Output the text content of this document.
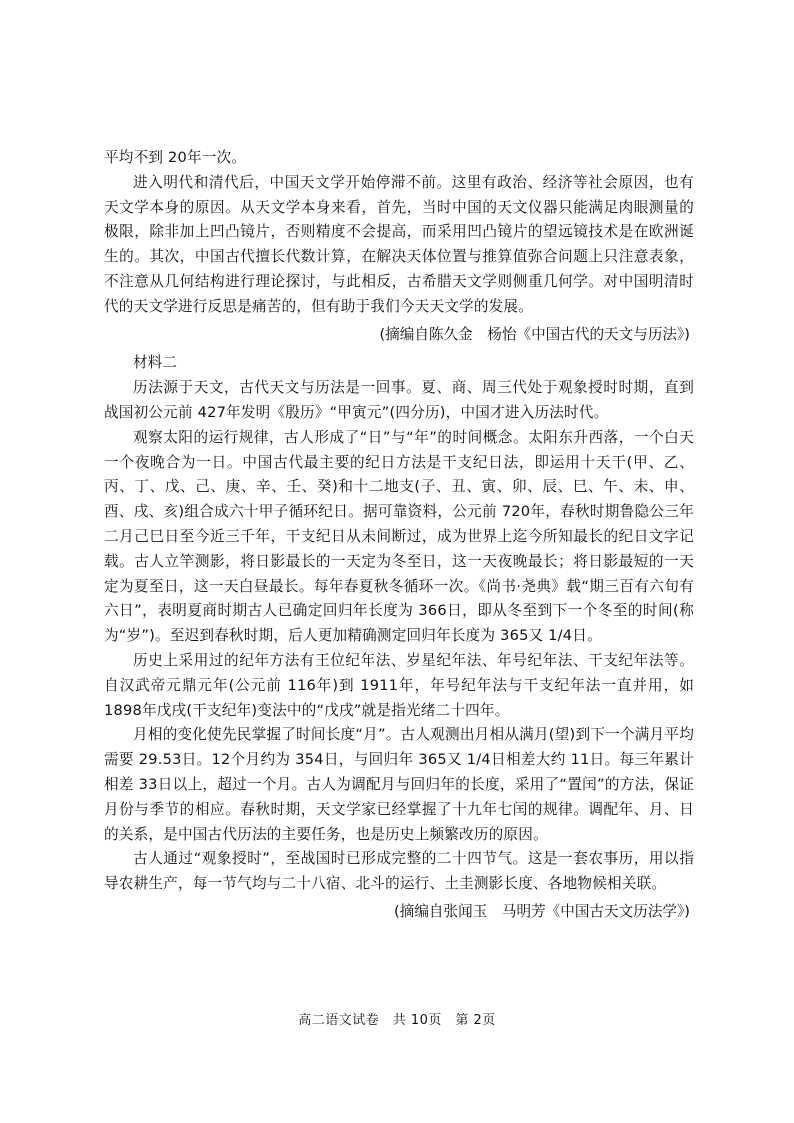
平均不到 20年一次。

进入明代和清代后，中国天文学开始停滞不前。这里有政治、经济等社会原因，也有天文学本身的原因。从天文学本身来看，首先，当时中国的天文仪器只能满足肉眼测量的极限，除非加上凹凸镜片，否则精度不会提高，而采用凹凸镜片的望远镜技术是在欧洲诞生的。其次，中国古代擅长代数计算，在解决天体位置与推算值弥合问题上只注意表象，不注意从几何结构进行理论探讨，与此相反，古希腊天文学则侧重几何学。对中国明清时代的天文学进行反思是痛苦的，但有助于我们今天天文学的发展。

(摘编自陈久金　杨怡《中国古代的天文与历法》)

材料二

历法源于天文，古代天文与历法是一回事。夏、商、周三代处于观象授时时期，直到战国初公元前 427年发明《殷历》“甲寅元”(四分历)，中国才进入历法时代。

观察太阳的运行规律，古人形成了“日”与“年”的时间概念。太阳东升西落，一个白天一个夜晚合为一日。中国古代最主要的纪日方法是干支纪日法，即运用十天干(甲、乙、丙、丁、戊、己、庚、辛、壬、癸)和十二地支(子、丑、寅、卯、辰、巳、午、未、申、酉、戌、亥)组合成六十甲子循环纪日。据可靠资料，公元前 720年，春秋时期鲁隐公三年二月己巳日至今近三千年，干支纪日从未间断过，成为世界上迄今所知最长的纪日文字记载。古人立竿测影，将日影最长的一天定为冬至日，这一天夜晚最长；将日影最短的一天定为夏至日，这一天白昼最长。每年春夏秋冬循环一次。《尚书·尧典》载“期三百有六旬有六日”，表明夏商时期古人已确定回归年长度为 366日，即从冬至到下一个冬至的时间(称为“岁”)。至迟到春秋时期，后人更加精确测定回归年长度为 365又 1/4日。

历史上采用过的纪年方法有王位纪年法、岁星纪年法、年号纪年法、干支纪年法等。自汉武帝元鼎元年(公元前 116年)到 1911年，年号纪年法与干支纪年法一直并用，如 1898年戊戌(干支纪年)变法中的“戊戌”就是指光绪二十四年。

月相的变化使先民掌握了时间长度“月”。古人观测出月相从满月(望)到下一个满月平均需要 29.53日。12个月约为 354日，与回归年 365又 1/4日相差大约 11日。每三年累计相差 33日以上，超过一个月。古人为调配月与回归年的长度，采用了“置闰”的方法，保证月份与季节的相应。春秋时期，天文学家已经掌握了十九年七闰的规律。调配年、月、日的关系，是中国古代历法的主要任务，也是历史上频繁改历的原因。

古人通过“观象授时”，至战国时已形成完整的二十四节气。这是一套农事历，用以指导农耕生产，每一节气均与二十八宿、北斗的运行、土圭测影长度、各地物候相关联。

(摘编自张闻玉　马明芳《中国古天文历法学》)

高二语文试卷　共 10页　第 2页
